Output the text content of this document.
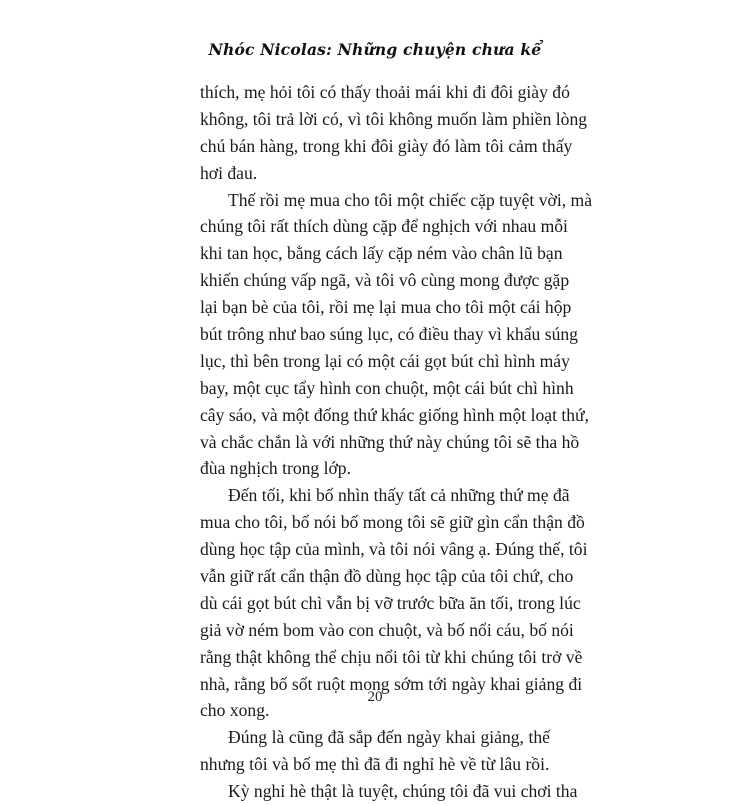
Nhóc Nicolas: Những chuyện chưa kể
thích, mẹ hỏi tôi có thấy thoải mái khi đi đôi giày đó
không, tôi trả lời có, vì tôi không muốn làm phiền lòng
chú bán hàng, trong khi đôi giày đó làm tôi cảm thấy
hơi đau.
Thế rồi mẹ mua cho tôi một chiếc cặp tuyệt vời, mà
chúng tôi rất thích dùng cặp để nghịch với nhau mỗi
khi tan học, bằng cách lấy cặp ném vào chân lũ bạn
khiến chúng vấp ngã, và tôi vô cùng mong được gặp
lại bạn bè của tôi, rồi mẹ lại mua cho tôi một cái hộp
bút trông như bao súng lục, có điều thay vì khẩu súng
lục, thì bên trong lại có một cái gọt bút chì hình máy
bay, một cục tẩy hình con chuột, một cái bút chì hình
cây sáo, và một đống thứ khác giống hình một loạt thứ,
và chắc chắn là với những thứ này chúng tôi sẽ tha hồ
đùa nghịch trong lớp.
Đến tối, khi bố nhìn thấy tất cả những thứ mẹ đã
mua cho tôi, bố nói bố mong tôi sẽ giữ gìn cẩn thận đồ
dùng học tập của mình, và tôi nói vâng ạ. Đúng thế, tôi
vẫn giữ rất cẩn thận đồ dùng học tập của tôi chứ, cho
dù cái gọt bút chì vẫn bị vỡ trước bữa ăn tối, trong lúc
giả vờ ném bom vào con chuột, và bố nổi cáu, bố nói
rằng thật không thể chịu nổi tôi từ khi chúng tôi trở về
nhà, rằng bố sốt ruột mong sớm tới ngày khai giảng đi
cho xong.
Đúng là cũng đã sắp đến ngày khai giảng, thế
nhưng tôi và bố mẹ thì đã đi nghỉ hè về từ lâu rồi.
Kỳ nghỉ hè thật là tuyệt, chúng tôi đã vui chơi tha
20
